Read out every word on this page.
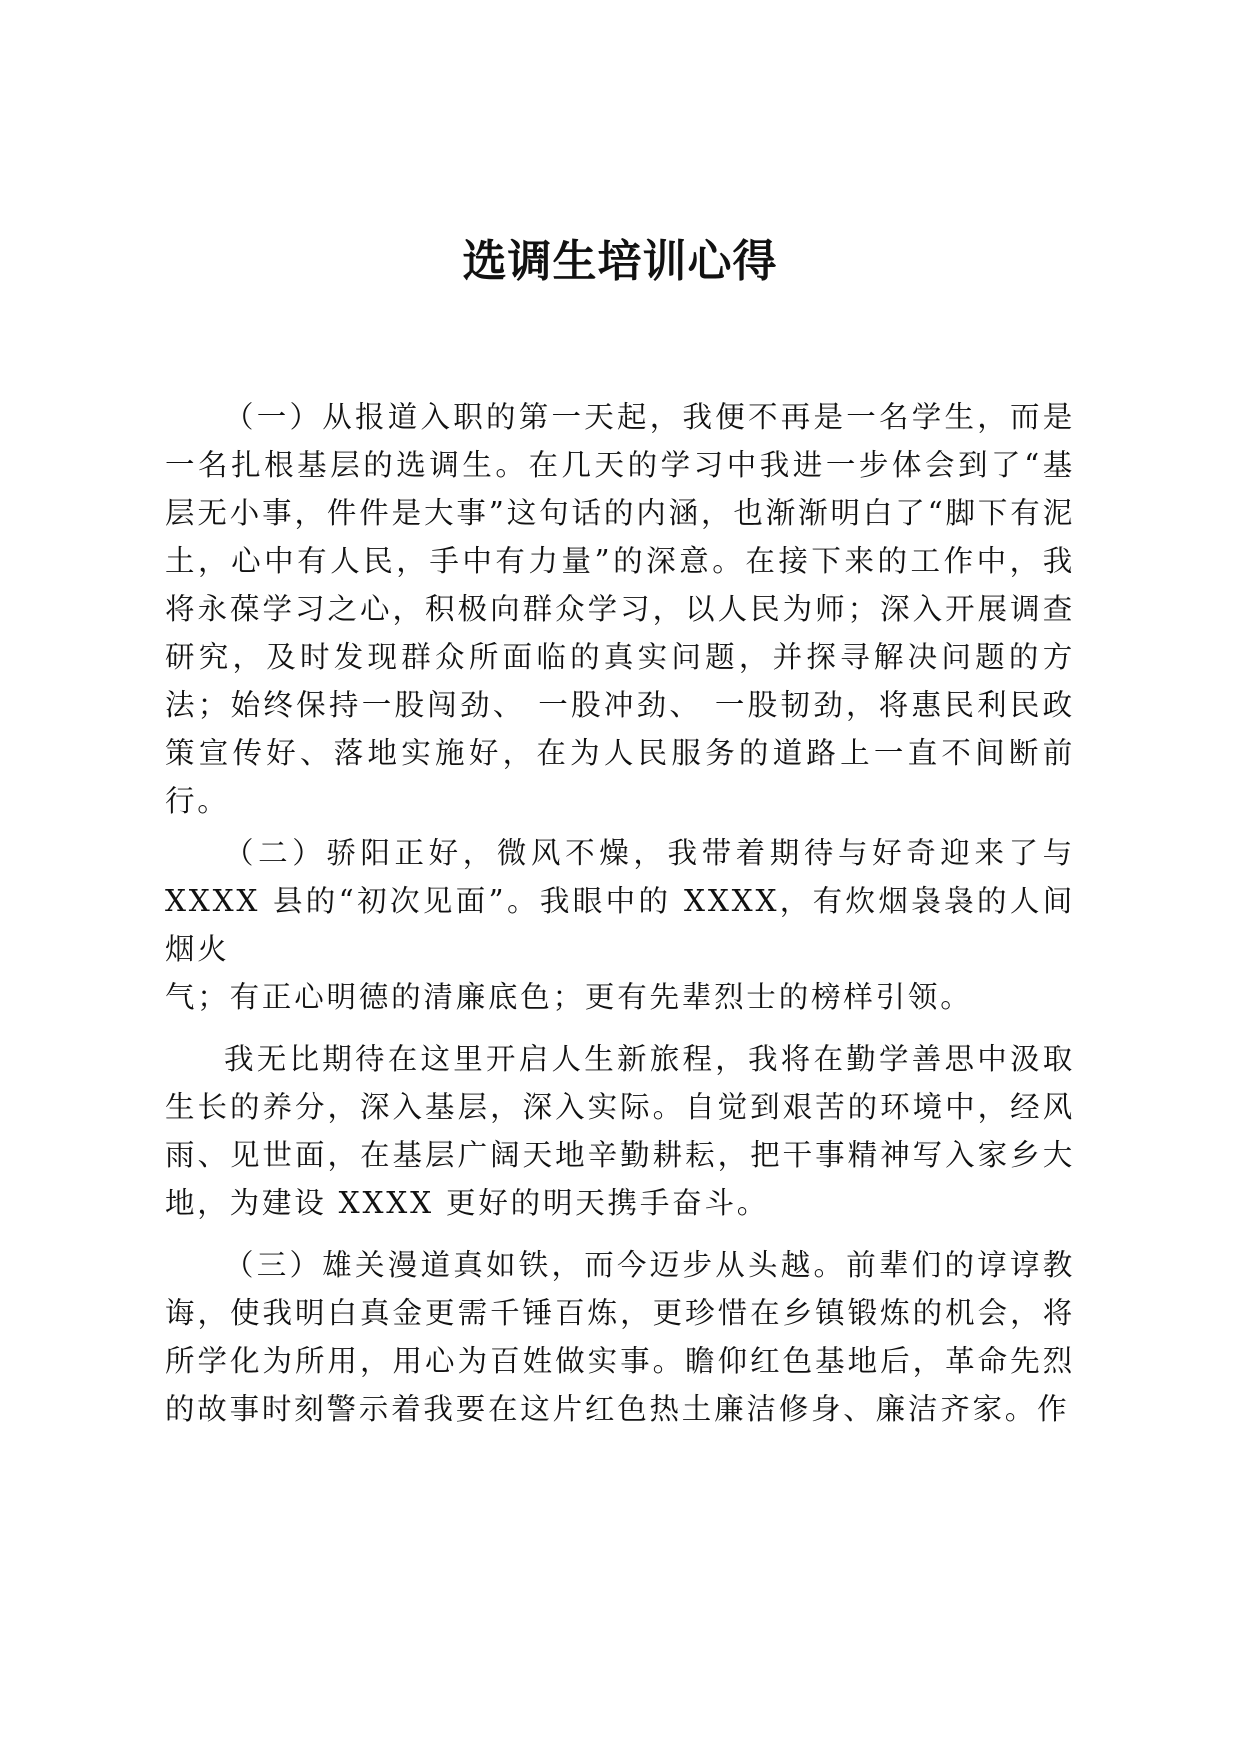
选调生培训心得

（一）从报道入职的第一天起，我便不再是一名学生，而是一名扎根基层的选调生。在几天的学习中我进一步体会到了“基层无小事，件件是大事”这句话的内涵，也渐渐明白了“脚下有泥土，心中有人民，手中有力量”的深意。在接下来的工作中，我将永葆学习之心，积极向群众学习，以人民为师；深入开展调查研究，及时发现群众所面临的真实问题，并探寻解决问题的方法；始终保持一股闯劲、 一股冲劲、 一股韧劲，将惠民利民政策宣传好、落地实施好，在为人民服务的道路上一直不间断前行。

（二）骄阳正好，微风不燥，我带着期待与好奇迎来了与 XXXX 县的“初次见面”。我眼中的 XXXX，有炊烟袅袅的人间烟火

气；有正心明德的清廉底色；更有先辈烈士的榜样引领。

我无比期待在这里开启人生新旅程，我将在勤学善思中汲取生长的养分，深入基层，深入实际。自觉到艰苦的环境中，经风雨、见世面，在基层广阔天地辛勤耕耘，把干事精神写入家乡大地，为建设 XXXX 更好的明天携手奋斗。

（三）雄关漫道真如铁，而今迈步从头越。前辈们的谆谆教诲，使我明白真金更需千锤百炼，更珍惜在乡镇锻炼的机会，将所学化为所用，用心为百姓做实事。瞻仰红色基地后，革命先烈的故事时刻警示着我要在这片红色热土廉洁修身、廉洁齐家。作
